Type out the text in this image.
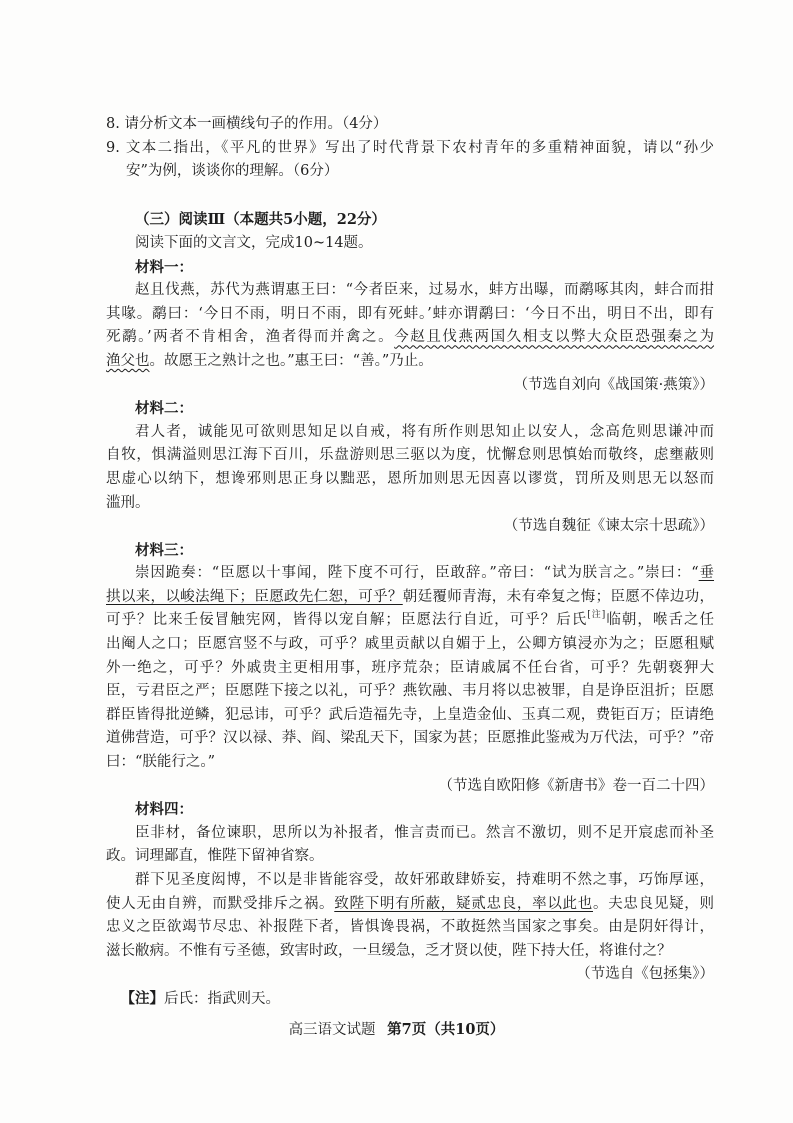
8. 请分析文本一画横线句子的作用。（4分）
9. 文本二指出，《平凡的世界》写出了时代背景下农村青年的多重精神面貌，请以“孙少
安”为例，谈谈你的理解。（6分）
（三）阅读Ⅲ（本题共5小题，22分）
阅读下面的文言文，完成10~14题。
材料一：
赵且伐燕，苏代为燕谓惠王曰：“今者臣来，过易水，蚌方出曝，而鹬啄其肉，蚌合而拑
其喙。鹬曰：‘今日不雨，明日不雨，即有死蚌。’蚌亦谓鹬曰：‘今日不出，明日不出，即有
死鹬。’两者不肯相舍，渔者得而并禽之。今赵且伐燕两国久相支以弊大众臣恐强秦之为
渔父也。故愿王之熟计之也。”惠王曰：“善。”乃止。
（节选自刘向《战国策·燕策》）
材料二：
君人者，诚能见可欲则思知足以自戒，将有所作则思知止以安人，念高危则思谦冲而
自牧，惧满溢则思江海下百川，乐盘游则思三驱以为度，忧懈怠则思慎始而敬终，虑壅蔽则
思虚心以纳下，想谗邪则思正身以黜恶，恩所加则思无因喜以谬赏，罚所及则思无以怒而
滥刑。
（节选自魏征《谏太宗十思疏》）
材料三：
崇因跪奏：“臣愿以十事闻，陛下度不可行，臣敢辞。”帝曰：“试为朕言之。”崇曰：“垂
拱以来，以峻法绳下；臣愿政先仁恕，可乎？朝廷覆师青海，未有牵复之悔；臣愿不倖边功，
可乎？比来壬佞冒触宪网，皆得以宠自解；臣愿法行自近，可乎？后氏[注]临朝，喉舌之任
出阉人之口；臣愿宫竖不与政，可乎？戚里贡献以自媚于上，公卿方镇浸亦为之；臣愿租赋
外一绝之，可乎？外戚贵主更相用事，班序荒杂；臣请戚属不任台省，可乎？先朝亵狎大
臣，亏君臣之严；臣愿陛下接之以礼，可乎？燕钦融、韦月将以忠被罪，自是诤臣沮折；臣愿
群臣皆得批逆鳞，犯忌讳，可乎？武后造福先寺，上皇造金仙、玉真二观，费钜百万；臣请绝
道佛营造，可乎？汉以禄、莽、阎、梁乱天下，国家为甚；臣愿推此鉴戒为万代法，可乎？”帝
曰：“朕能行之。”
（节选自欧阳修《新唐书》卷一百二十四）
材料四：
臣非材，备位谏职，思所以为补报者，惟言责而已。然言不激切，则不足开宸虑而补圣
政。词理鄙直，惟陛下留神省察。
群下见圣度闳博，不以是非皆能容受，故奸邪敢肆娇妄，持难明不然之事，巧饰厚诬，
使人无由自辨，而默受排斥之祸。致陛下明有所蔽，疑贰忠良，率以此也。夫忠良见疑，则
忠义之臣欲竭节尽忠、补报陛下者，皆惧谗畏祸，不敢挺然当国家之事矣。由是阴奸得计，
滋长敝病。不惟有亏圣德，致害时政，一旦缓急，乏才贤以使，陛下持大任，将谁付之？
（节选自《包拯集》）
【注】后氏：指武则天。
高三语文试题 第7页（共10页）
